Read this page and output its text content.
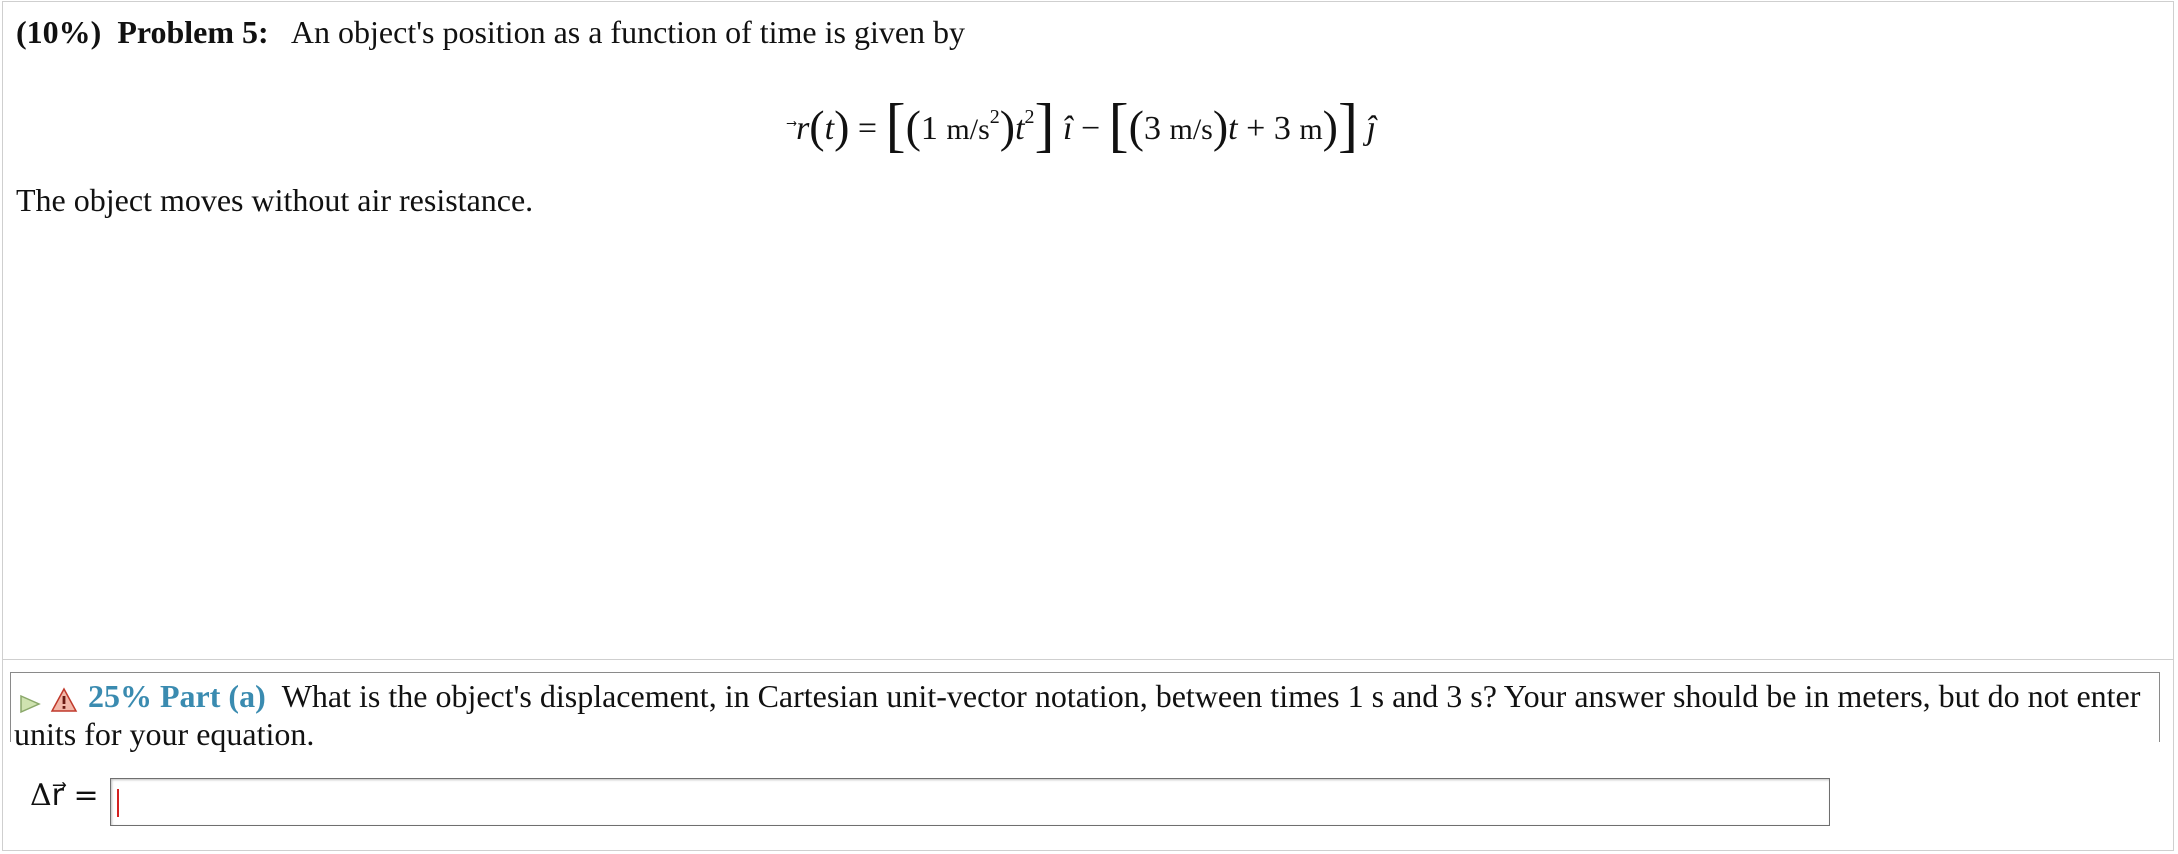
(10%) Problem 5: An object's position as a function of time is given by
r
(t) = [(1 $m/s^2)t^2$] î − [(3 m/s)t + 3 m)] ĵ
The object moves without air resistance.
25% Part (a) What is the object's displacement, in Cartesian unit-vector notation, between times 1 s and 3 s? Your answer should be in meters, but do not enter
units for your equation.
Δr⃗ =
